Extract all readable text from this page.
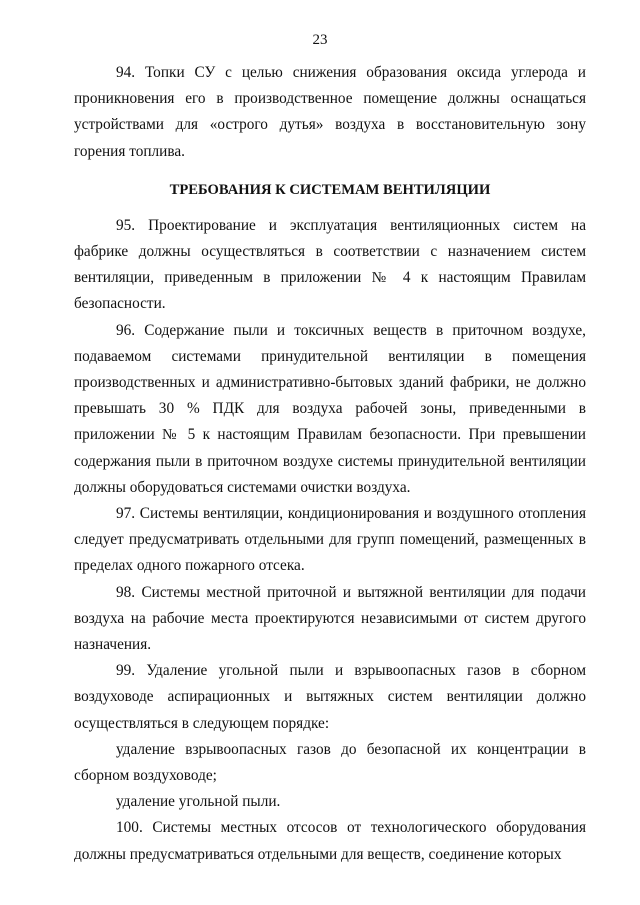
23

94. Топки СУ с целью снижения образования оксида углерода и проникновения его в производственное помещение должны оснащаться устройствами для «острого дутья» воздуха в восстановительную зону горения топлива.

ТРЕБОВАНИЯ К СИСТЕМАМ ВЕНТИЛЯЦИИ

95. Проектирование и эксплуатация вентиляционных систем на фабрике должны осуществляться в соответствии с назначением систем вентиляции, приведенным в приложении № 4 к настоящим Правилам безопасности.

96. Содержание пыли и токсичных веществ в приточном воздухе, подаваемом системами принудительной вентиляции в помещения производственных и административно-бытовых зданий фабрики, не должно превышать 30 % ПДК для воздуха рабочей зоны, приведенными в приложении № 5 к настоящим Правилам безопасности. При превышении содержания пыли в приточном воздухе системы принудительной вентиляции должны оборудоваться системами очистки воздуха.

97. Системы вентиляции, кондиционирования и воздушного отопления следует предусматривать отдельными для групп помещений, размещенных в пределах одного пожарного отсека.

98. Системы местной приточной и вытяжной вентиляции для подачи воздуха на рабочие места проектируются независимыми от систем другого назначения.

99. Удаление угольной пыли и взрывоопасных газов в сборном воздуховоде аспирационных и вытяжных систем вентиляции должно осуществляться в следующем порядке:

удаление взрывоопасных газов до безопасной их концентрации в сборном воздуховоде;

удаление угольной пыли.

100. Системы местных отсосов от технологического оборудования должны предусматриваться отдельными для веществ, соединение которых
